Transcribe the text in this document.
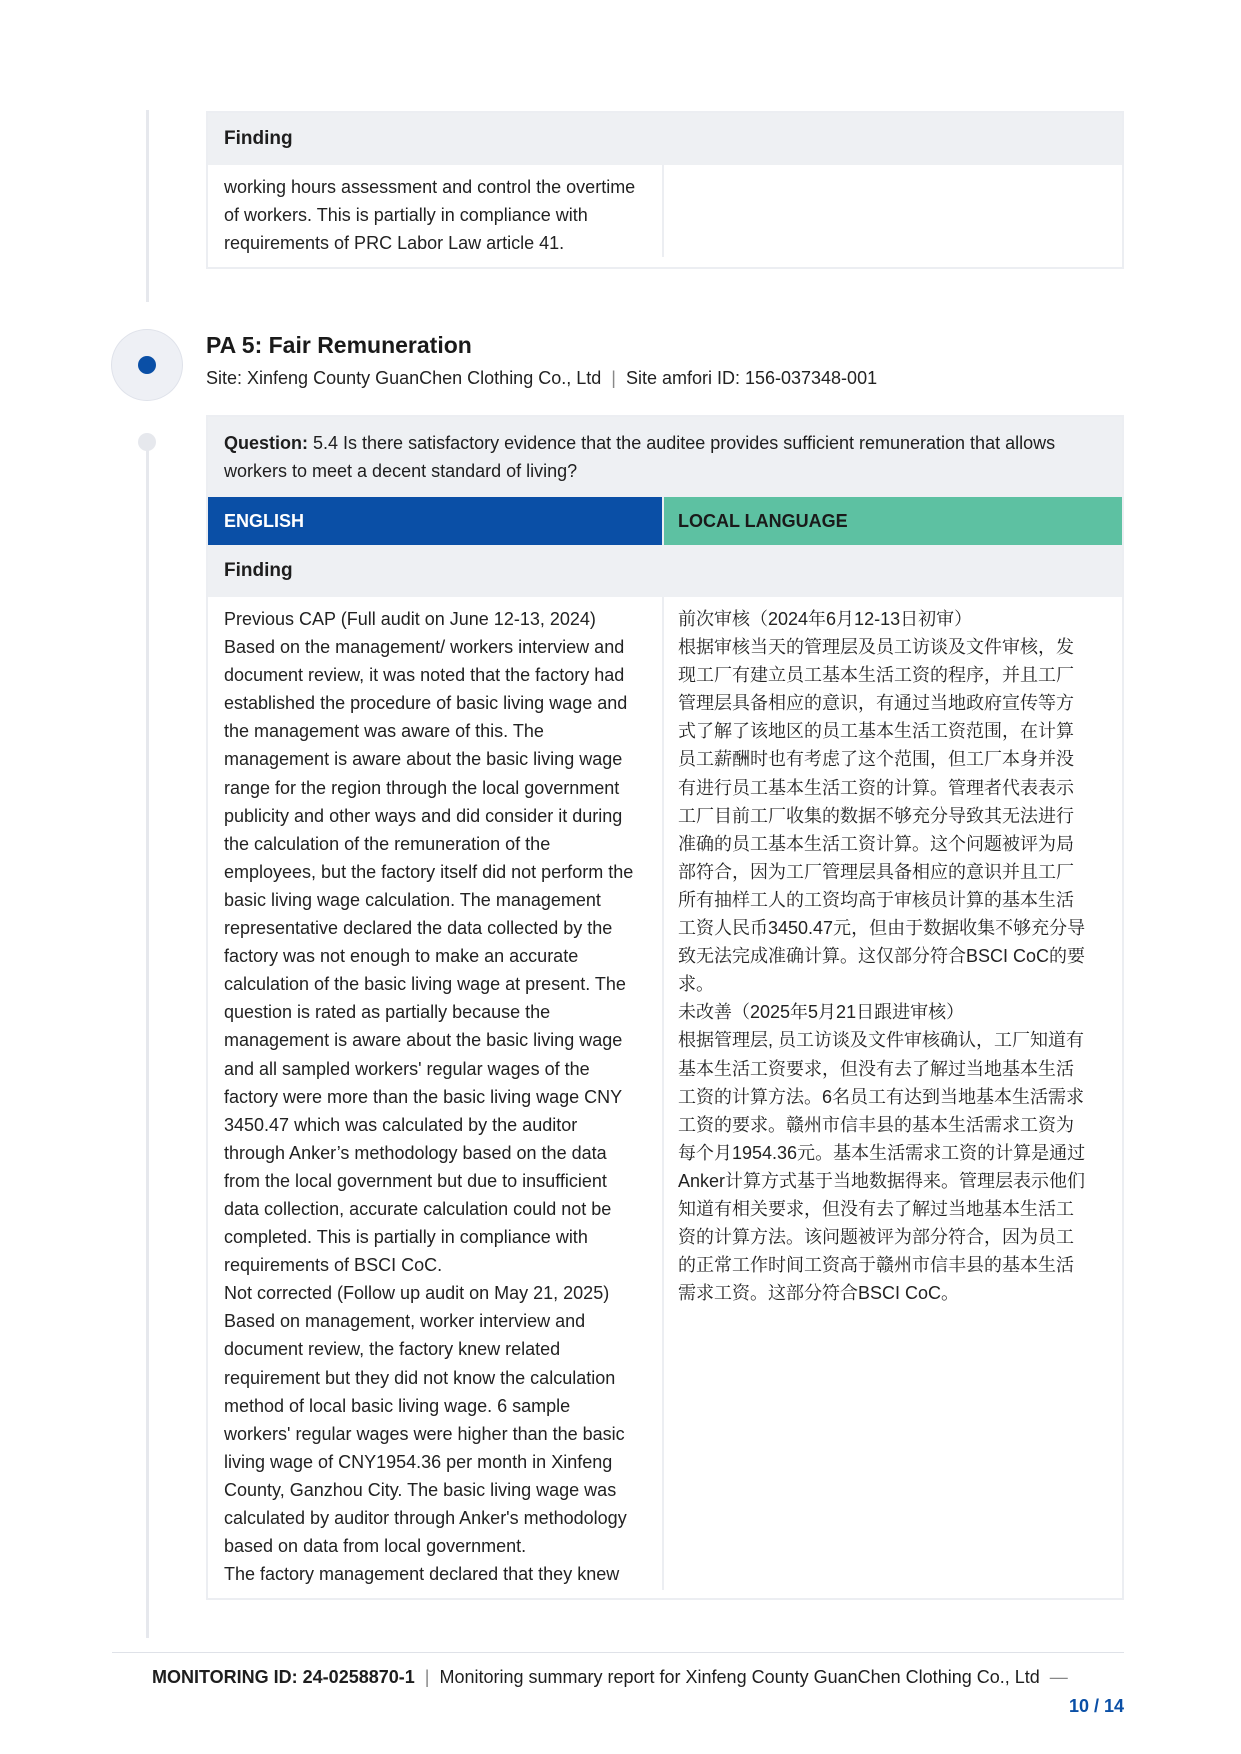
Finding
working hours assessment and control the overtime
of workers. This is partially in compliance with
requirements of PRC Labor Law article 41.
PA 5: Fair Remuneration
Site: Xinfeng County GuanChen Clothing Co., Ltd | Site amfori ID: 156-037348-001
Question: 5.4 Is there satisfactory evidence that the auditee provides sufficient remuneration that allows workers to meet a decent standard of living?
ENGLISH	LOCAL LANGUAGE
Finding
Previous CAP (Full audit on June 12-13, 2024)
Based on the management/ workers interview and
document review, it was noted that the factory had
established the procedure of basic living wage and
the management was aware of this. The
management is aware about the basic living wage
range for the region through the local government
publicity and other ways and did consider it during
the calculation of the remuneration of the
employees, but the factory itself did not perform the
basic living wage calculation. The management
representative declared the data collected by the
factory was not enough to make an accurate
calculation of the basic living wage at present. The
question is rated as partially because the
management is aware about the basic living wage
and all sampled workers' regular wages of the
factory were more than the basic living wage CNY
3450.47 which was calculated by the auditor
through Anker’s methodology based on the data
from the local government but due to insufficient
data collection, accurate calculation could not be
completed. This is partially in compliance with
requirements of BSCI CoC.
Not corrected (Follow up audit on May 21, 2025)
Based on management, worker interview and
document review, the factory knew related
requirement but they did not know the calculation
method of local basic living wage. 6 sample
workers' regular wages were higher than the basic
living wage of CNY1954.36 per month in Xinfeng
County, Ganzhou City. The basic living wage was
calculated by auditor through Anker's methodology
based on data from local government.
The factory management declared that they knew
前次审核（2024年6月12-13日初审）
根据审核当天的管理层及员工访谈及文件审核，发
现工厂有建立员工基本生活工资的程序，并且工厂
管理层具备相应的意识，有通过当地政府宣传等方
式了解了该地区的员工基本生活工资范围，在计算
员工薪酬时也有考虑了这个范围，但工厂本身并没
有进行员工基本生活工资的计算。管理者代表表示
工厂目前工厂收集的数据不够充分导致其无法进行
准确的员工基本生活工资计算。这个问题被评为局
部符合，因为工厂管理层具备相应的意识并且工厂
所有抽样工人的工资均高于审核员计算的基本生活
工资人民币3450.47元，但由于数据收集不够充分导
致无法完成准确计算。这仅部分符合BSCI CoC的要
求。
未改善（2025年5月21日跟进审核）
根据管理层, 员工访谈及文件审核确认，工厂知道有
基本生活工资要求，但没有去了解过当地基本生活
工资的计算方法。6名员工有达到当地基本生活需求
工资的要求。赣州市信丰县的基本生活需求工资为
每个月1954.36元。基本生活需求工资的计算是通过
Anker计算方式基于当地数据得来。管理层表示他们
知道有相关要求，但没有去了解过当地基本生活工
资的计算方法。该问题被评为部分符合，因为员工
的正常工作时间工资高于赣州市信丰县的基本生活
需求工资。这部分符合BSCI CoC。
MONITORING ID: 24-0258870-1 | Monitoring summary report for Xinfeng County GuanChen Clothing Co., Ltd —
10 / 14
